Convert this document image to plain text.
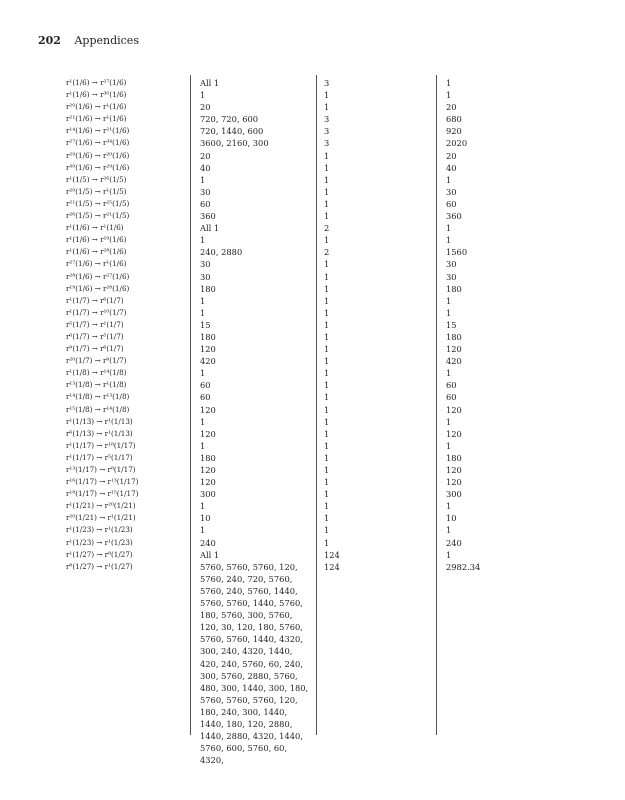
202 Appendices
r¹(1/6) → r²⁷(1/6)
r¹(1/6) → r³⁰(1/6)
r²⁰(1/6) → r¹(1/6)
r²¹(1/6) → r¹(1/6)
r¹⁴(1/6) → r²¹(1/6)
r²⁷(1/6) → r³⁴(1/6)
r²⁹(1/6) → r²⁰(1/6)
r³⁰(1/6) → r²⁹(1/6)
r¹(1/5) → r²⁶(1/5)
r²⁰(1/5) → r¹(1/5)
r²¹(1/5) → r²⁵(1/5)
r²⁶(1/5) → r²¹(1/5)
r¹(1/6) → r¹(1/6)
r¹(1/6) → r¹⁹(1/6)
r¹(1/6) → r²⁸(1/6)
r²⁷(1/6) → r¹(1/6)
r²⁸(1/6) → r²⁷(1/6)
r¹⁹(1/6) → r²⁸(1/6)
r¹(1/7) → r⁶(1/7)
r¹(1/7) → r¹⁰(1/7)
r⁵(1/7) → r¹(1/7)
r⁶(1/7) → r⁵(1/7)
r⁹(1/7) → r⁶(1/7)
r²⁰(1/7) → r⁹(1/7)
r¹(1/8) → r¹⁴(1/8)
r¹³(1/8) → r¹(1/8)
r¹⁴(1/8) → r¹³(1/8)
r¹⁵(1/8) → r¹⁴(1/8)
r¹(1/13) → r¹(1/13)
r⁶(1/13) → r¹(1/13)
r¹(1/17) → r¹⁸(1/17)
r¹(1/17) → r⁵(1/17)
r¹³(1/17) → r⁸(1/17)
r¹⁶(1/17) → r¹³(1/17)
r¹⁸(1/17) → r¹⁵(1/17)
r¹(1/21) → r²⁰(1/21)
r²⁰(1/21) → r¹(1/21)
r¹(1/23) → r¹(1/23)
r¹(1/23) → r¹(1/23)
r¹(1/27) → r⁸(1/27)
r⁸(1/27) → r¹(1/27)
All 1
1
20
720, 720, 600
720, 1440, 600
3600, 2160, 300
20
40
1
30
60
360
All 1
1
240, 2880
30
30
180
1
1
15
180
120
420
1
60
60
120
1
120
1
180
120
120
300
1
10
1
240
All 1
5760, 5760, 5760, 120, 5760, 240, 720, 5760, 5760, 240, 5760, 1440, 5760, 5760, 1440, 5760, 180, 5760, 300, 5760, 120, 30, 120, 180, 5760, 5760, 5760, 1440, 4320, 300, 240, 4320, 1440, 420, 240, 5760, 60, 240, 300, 5760, 2880, 5760, 480, 300, 1440, 300, 180, 5760, 5760, 5760, 120, 180, 240, 300, 1440, 1440, 180, 120, 2880, 1440, 2880, 4320, 1440, 5760, 600, 5760, 60, 4320,
3
1
1
3
3
3
1
1
1
1
1
1
2
1
2
1
1
1
1
1
1
1
1
1
1
1
1
1
1
1
1
1
1
1
1
1
1
1
1
124
124
1
1
20
680
920
2020
20
40
1
30
60
360
1
1
1560
30
30
180
1
1
15
180
120
420
1
60
60
120
1
120
1
180
120
120
300
1
10
1
240
1
2982.34
